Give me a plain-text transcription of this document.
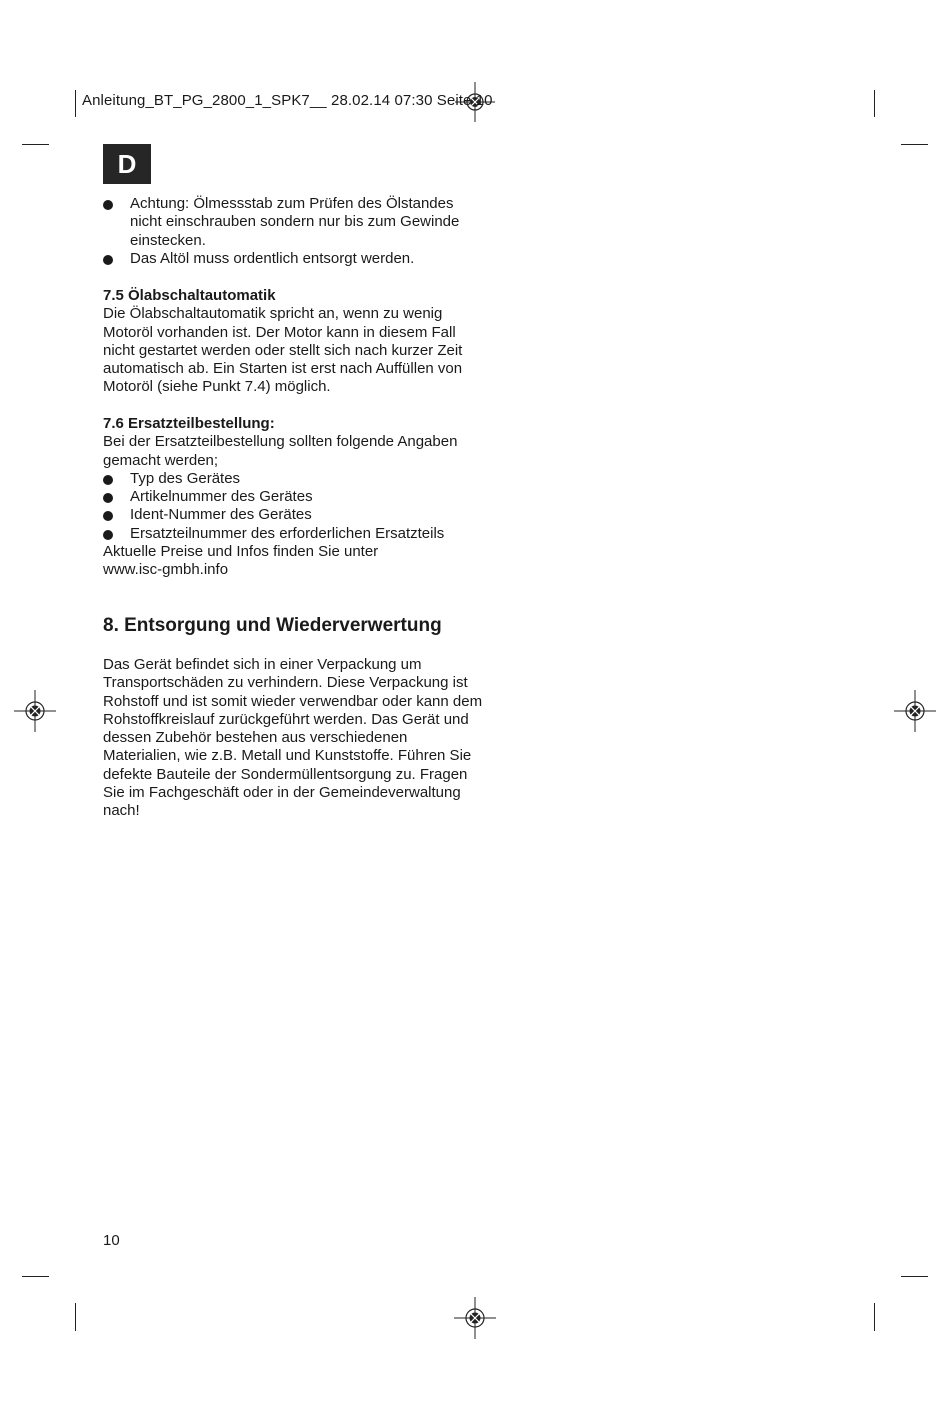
Anleitung_BT_PG_2800_1_SPK7__ 28.02.14 07:30 Seite 10
D

Achtung: Ölmessstab zum Prüfen des Ölstandes nicht einschrauben sondern nur bis zum Gewinde einstecken.

Das Altöl muss ordentlich entsorgt werden.

7.5 Ölabschaltautomatik

Die Ölabschaltautomatik spricht an, wenn zu wenig Motoröl vorhanden ist. Der Motor kann in diesem Fall nicht gestartet werden oder stellt sich nach kurzer Zeit automatisch ab. Ein Starten ist erst nach Auffüllen von Motoröl (siehe Punkt 7.4) möglich.

7.6 Ersatzteilbestellung:

Bei der Ersatzteilbestellung sollten folgende Angaben gemacht werden;

Typ des Gerätes

Artikelnummer des Gerätes

Ident-Nummer des Gerätes

Ersatzteilnummer des erforderlichen Ersatzteils

Aktuelle Preise und Infos finden Sie unter www.isc-gmbh.info

8. Entsorgung und Wiederverwertung

Das Gerät befindet sich in einer Verpackung um Transportschäden zu verhindern. Diese Verpackung ist Rohstoff und ist somit wieder verwendbar oder kann dem Rohstoffkreislauf zurückgeführt werden. Das Gerät und dessen Zubehör bestehen aus verschiedenen Materialien, wie z.B. Metall und Kunststoffe. Führen Sie defekte Bauteile der Sondermüllentsorgung zu. Fragen Sie im Fachgeschäft oder in der Gemeindeverwaltung nach!

10
